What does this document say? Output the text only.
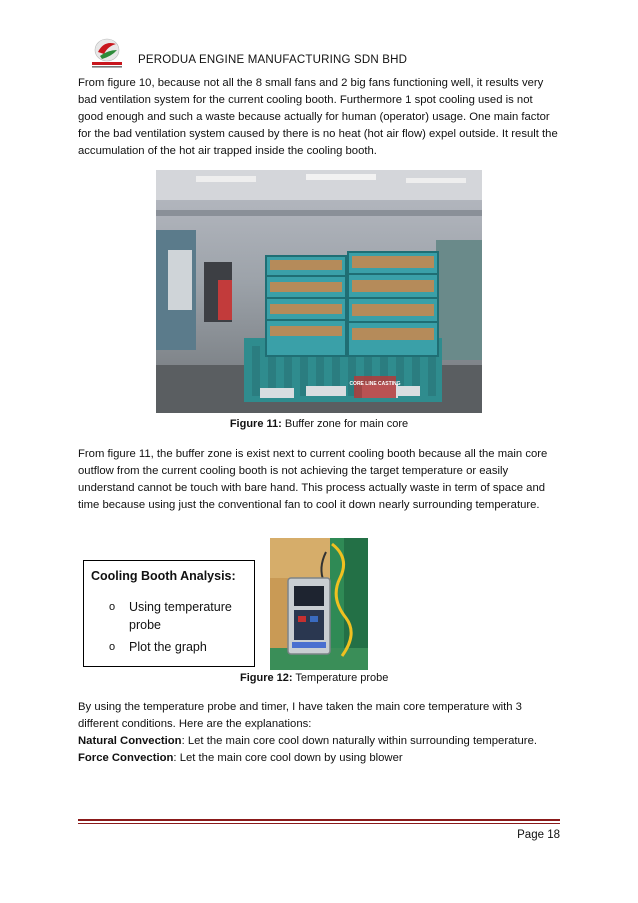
PERODUA ENGINE MANUFACTURING SDN BHD
From figure 10, because not all the 8 small fans and 2 big fans functioning well, it results very bad ventilation system for the current cooling booth. Furthermore 1 spot cooling used is not good enough and such a waste because actually for human (operator) usage. One main factor for the bad ventilation system caused by there is no heat (hot air flow) expel outside. It result the accumulation of the hot air trapped inside the cooling booth.
CORE LINE CASTING
Figure 11: Buffer zone for main core
From figure 11, the buffer zone is exist next to current cooling booth because all the main core outflow from the current cooling booth is not achieving the target temperature or easily understand cannot be touch with bare hand. This process actually waste in term of space and time because using just the conventional fan to cool it down nearly surrounding temperature.
Cooling Booth Analysis:
o	Using temperature probe
o	Plot the graph
Figure 12: Temperature probe
By using the temperature probe and timer, I have taken the main core temperature with 3 different conditions. Here are the explanations:
Natural Convection: Let the main core cool down naturally within surrounding temperature.
Force Convection: Let the main core cool down by using blower
Page 18
